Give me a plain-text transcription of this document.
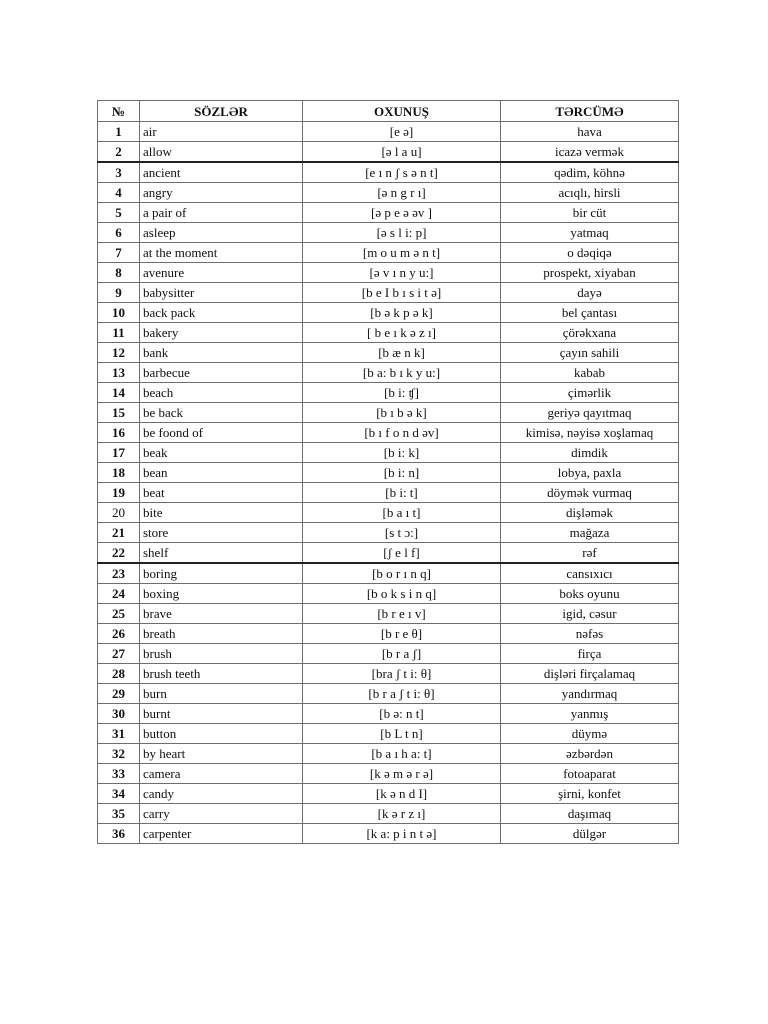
№	SÖZLƏR	OXUNUŞ	TƏRCÜMƏ
1	air	[e ə]	hava
2	allow	[ə l a u]	icazə vermək
3	ancient	[e ı n ʃ s ə n t]	qədim, köhnə
4	angry	[ə n g r ı]	acıqlı, hirsli
5	a pair of	[ə p e ə əv ]	bir cüt
6	asleep	[ə s l i: p]	yatmaq
7	at the moment	[m o u m ə n t]	o dəqiqə
8	avenure	[ə v ı n y u:]	prospekt, xiyaban
9	babysitter	[b e I b ı s i t ə]	dayə
10	back pack	[b ə k p ə k]	bel çantası
11	bakery	[ b e ı k ə z ı]	çörəkxana
12	bank	[b æ n k]	çayın sahili
13	barbecue	[b a: b ı k y u:]	kabab
14	beach	[b i: ʧ]	çimərlik
15	be back	[b ı b ə k]	geriyə qayıtmaq
16	be foond of	[b ı f o n d əv]	kimisə, nəyisə xoşlamaq
17	beak	[b i: k]	dimdik
18	bean	[b i: n]	lobya, paxla
19	beat	[b i: t]	döymək vurmaq
20	bite	[b a ı t]	dişləmək
21	store	[s t ɔ:]	mağaza
22	shelf	[ʃ e l f]	rəf
23	boring	[b o r ı n q]	cansıxıcı
24	boxing	[b o k s i n q]	boks oyunu
25	brave	[b r e ı v]	igid, cəsur
26	breath	[b r e θ]	nəfəs
27	brush	[b r a ʃ]	firça
28	brush teeth	[bra ʃ t i: θ]	dişləri firçalamaq
29	burn	[b r a ʃ t i: θ]	yandırmaq
30	burnt	[b ə: n t]	yanmış
31	button	[b L t n]	düymə
32	by heart	[b a ı h a: t]	əzbərdən
33	camera	[k ə m ə r ə]	fotoaparat
34	candy	[k ə n d I]	şirni, konfet
35	carry	[k ə r z ı]	daşımaq
36	carpenter	[k a: p i n t ə]	dülgər
